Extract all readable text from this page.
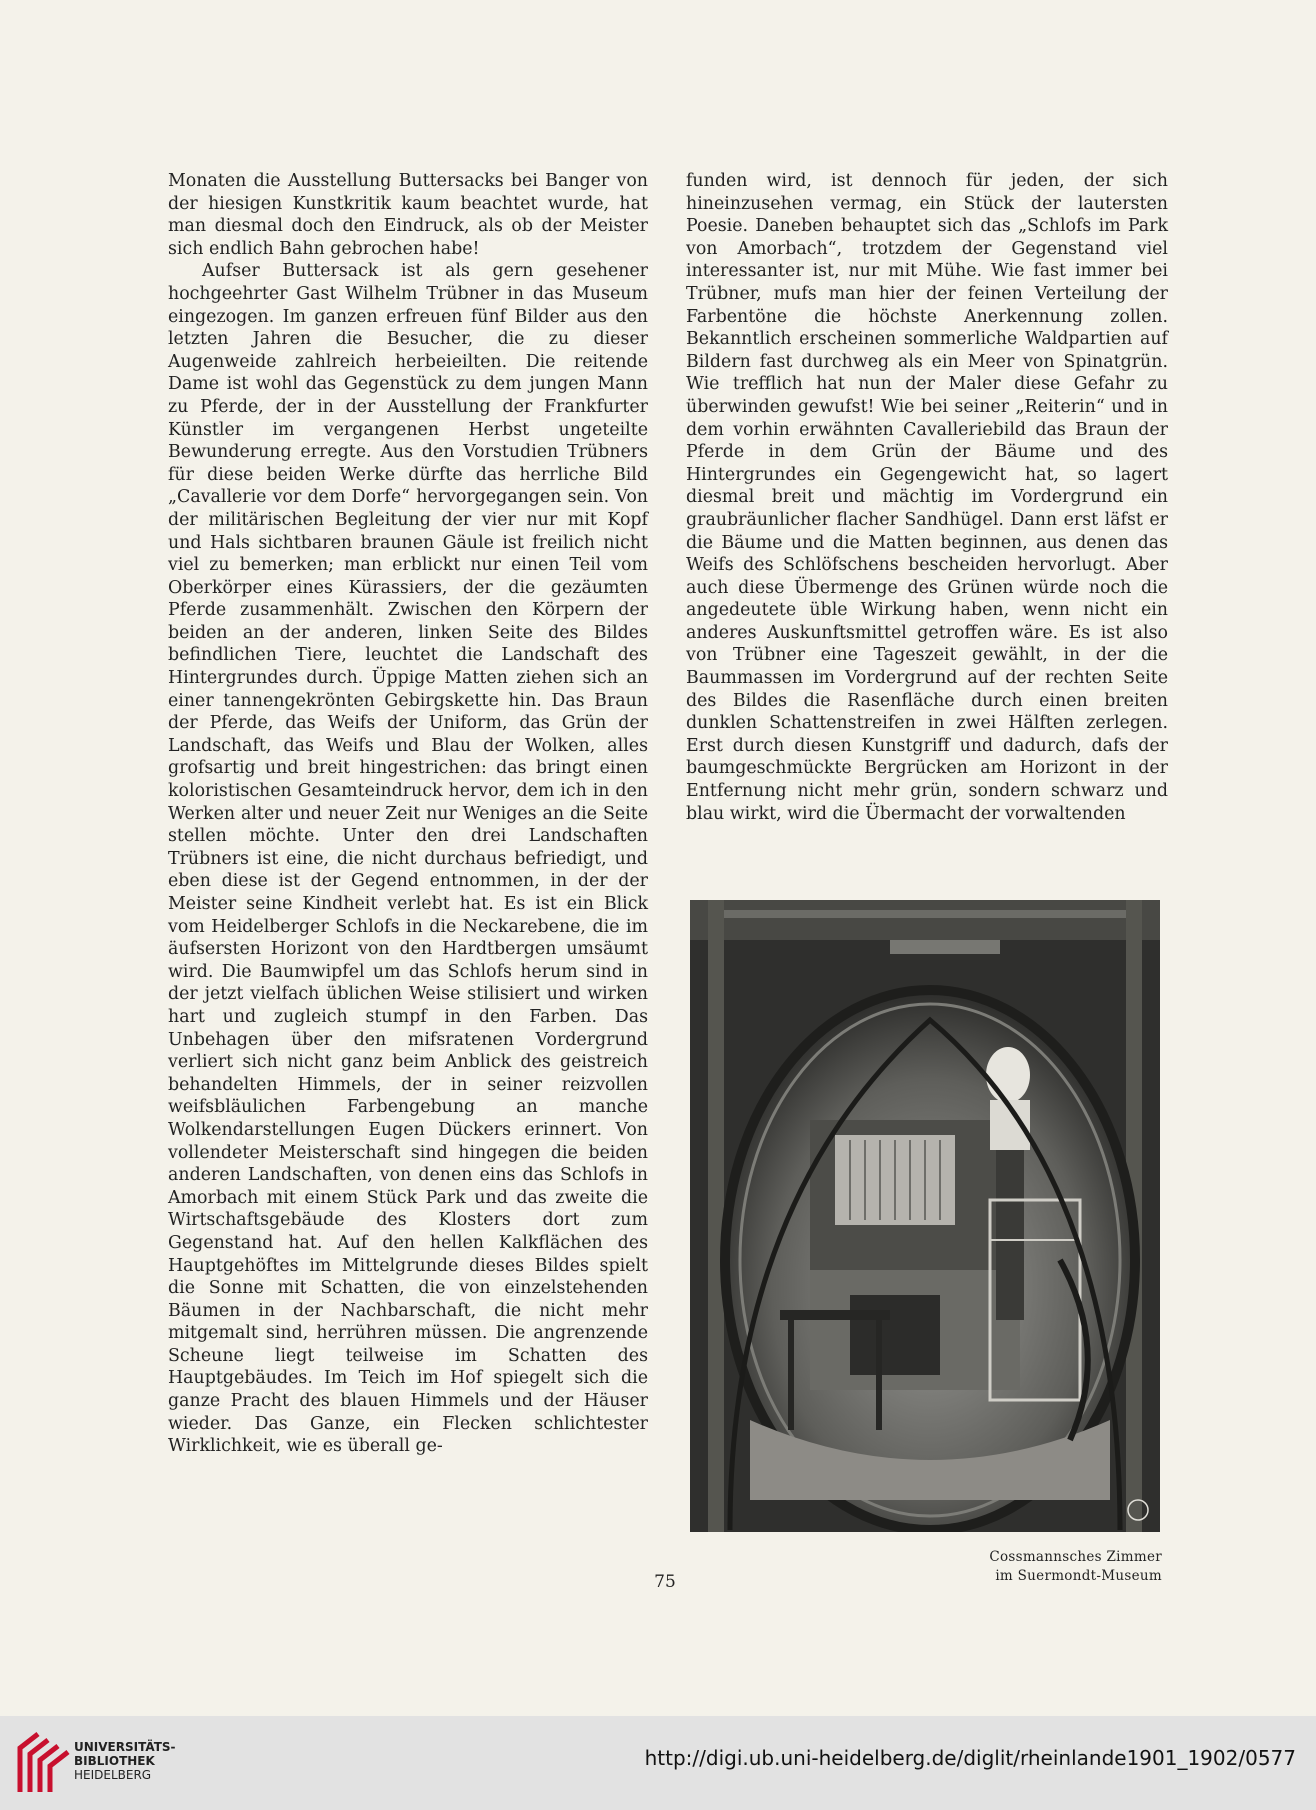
Monaten die Ausstellung Buttersacks bei Banger von der hiesigen Kunstkritik kaum beachtet wurde, hat man diesmal doch den Eindruck, als ob der Meister sich endlich Bahn gebrochen habe!

Aufser Buttersack ist als gern gesehener hochgeehrter Gast Wilhelm Trübner in das Museum eingezogen. Im ganzen erfreuen fünf Bilder aus den letzten Jahren die Besucher, die zu dieser Augenweide zahlreich herbeieilten. Die reitende Dame ist wohl das Gegenstück zu dem jungen Mann zu Pferde, der in der Ausstellung der Frankfurter Künstler im vergangenen Herbst ungeteilte Bewunderung erregte. Aus den Vorstudien Trübners für diese beiden Werke dürfte das herrliche Bild „Cavallerie vor dem Dorfe“ hervorgegangen sein. Von der militärischen Begleitung der vier nur mit Kopf und Hals sichtbaren braunen Gäule ist freilich nicht viel zu bemerken; man erblickt nur einen Teil vom Oberkörper eines Kürassiers, der die gezäumten Pferde zusammenhält. Zwischen den Körpern der beiden an der anderen, linken Seite des Bildes befindlichen Tiere, leuchtet die Landschaft des Hintergrundes durch. Üppige Matten ziehen sich an einer tannengekrönten Gebirgskette hin. Das Braun der Pferde, das Weifs der Uniform, das Grün der Landschaft, das Weifs und Blau der Wolken, alles grofsartig und breit hingestrichen: das bringt einen koloristischen Gesamteindruck hervor, dem ich in den Werken alter und neuer Zeit nur Weniges an die Seite stellen möchte. Unter den drei Landschaften Trübners ist eine, die nicht durchaus befriedigt, und eben diese ist der Gegend entnommen, in der der Meister seine Kindheit verlebt hat. Es ist ein Blick vom Heidelberger Schlofs in die Neckarebene, die im äufsersten Horizont von den Hardtbergen umsäumt wird. Die Baumwipfel um das Schlofs herum sind in der jetzt vielfach üblichen Weise stilisiert und wirken hart und zugleich stumpf in den Farben. Das Unbehagen über den mifsratenen Vordergrund verliert sich nicht ganz beim Anblick des geistreich behandelten Himmels, der in seiner reizvollen weifsbläulichen Farbengebung an manche Wolkendarstellungen Eugen Dückers erinnert. Von vollendeter Meisterschaft sind hingegen die beiden anderen Landschaften, von denen eins das Schlofs in Amorbach mit einem Stück Park und das zweite die Wirtschaftsgebäude des Klosters dort zum Gegenstand hat. Auf den hellen Kalkflächen des Hauptgehöftes im Mittelgrunde dieses Bildes spielt die Sonne mit Schatten, die von einzelstehenden Bäumen in der Nachbarschaft, die nicht mehr mitgemalt sind, herrühren müssen. Die angrenzende Scheune liegt teilweise im Schatten des Hauptgebäudes. Im Teich im Hof spiegelt sich die ganze Pracht des blauen Himmels und der Häuser wieder. Das Ganze, ein Flecken schlichtester Wirklichkeit, wie es überall ge-

funden wird, ist dennoch für jeden, der sich hineinzusehen vermag, ein Stück der lautersten Poesie. Daneben behauptet sich das „Schlofs im Park von Amorbach“, trotzdem der Gegenstand viel interessanter ist, nur mit Mühe. Wie fast immer bei Trübner, mufs man hier der feinen Verteilung der Farbentöne die höchste Anerkennung zollen. Bekanntlich erscheinen sommerliche Waldpartien auf Bildern fast durchweg als ein Meer von Spinatgrün. Wie trefflich hat nun der Maler diese Gefahr zu überwinden gewufst! Wie bei seiner „Reiterin“ und in dem vorhin erwähnten Cavalleriebild das Braun der Pferde in dem Grün der Bäume und des Hintergrundes ein Gegengewicht hat, so lagert diesmal breit und mächtig im Vordergrund ein graubräunlicher flacher Sandhügel. Dann erst läfst er die Bäume und die Matten beginnen, aus denen das Weifs des Schlöfschens bescheiden hervorlugt. Aber auch diese Übermenge des Grünen würde noch die angedeutete üble Wirkung haben, wenn nicht ein anderes Auskunftsmittel getroffen wäre. Es ist also von Trübner eine Tageszeit gewählt, in der die Baummassen im Vordergrund auf der rechten Seite des Bildes die Rasenfläche durch einen breiten dunklen Schattenstreifen in zwei Hälften zerlegen. Erst durch diesen Kunstgriff und dadurch, dafs der baumgeschmückte Bergrücken am Horizont in der Entfernung nicht mehr grün, sondern schwarz und blau wirkt, wird die Übermacht der vorwaltenden

Cossmannsches Zimmer
im Suermondt-Museum
75
UNIVERSITÄTS-
BIBLIOTHEK
HEIDELBERG
http://digi.ub.uni-heidelberg.de/diglit/rheinlande1901_1902/0577
